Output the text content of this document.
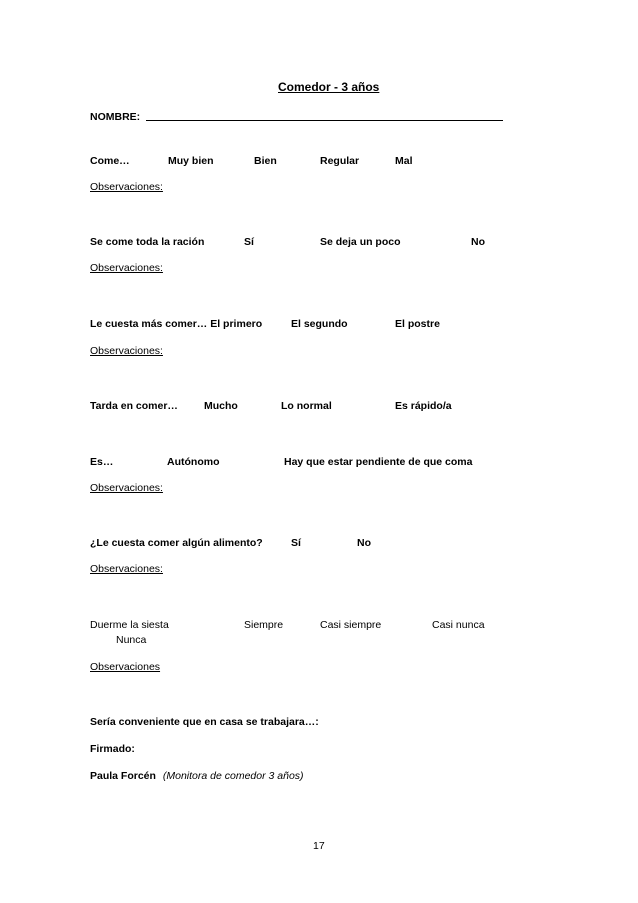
Comedor - 3 años
NOMBRE:
Come…	Muy bien	Bien	Regular	Mal
Observaciones:
Se come toda la ración	Sí	Se deja un poco	No
Observaciones:
Le cuesta más comer… El primero	El segundo	El postre
Observaciones:
Tarda en comer… Mucho	Lo normal	Es rápido/a
Es…	Autónomo	Hay que estar pendiente de que coma
Observaciones:
¿Le cuesta comer algún alimento?	Sí	No
Observaciones:
Duerme la siesta	Siempre	Casi siempre	Casi nunca
Nunca
Observaciones
Sería conveniente que en casa se trabajara…:
Firmado:
Paula Forcén (Monitora de comedor 3 años)
17
